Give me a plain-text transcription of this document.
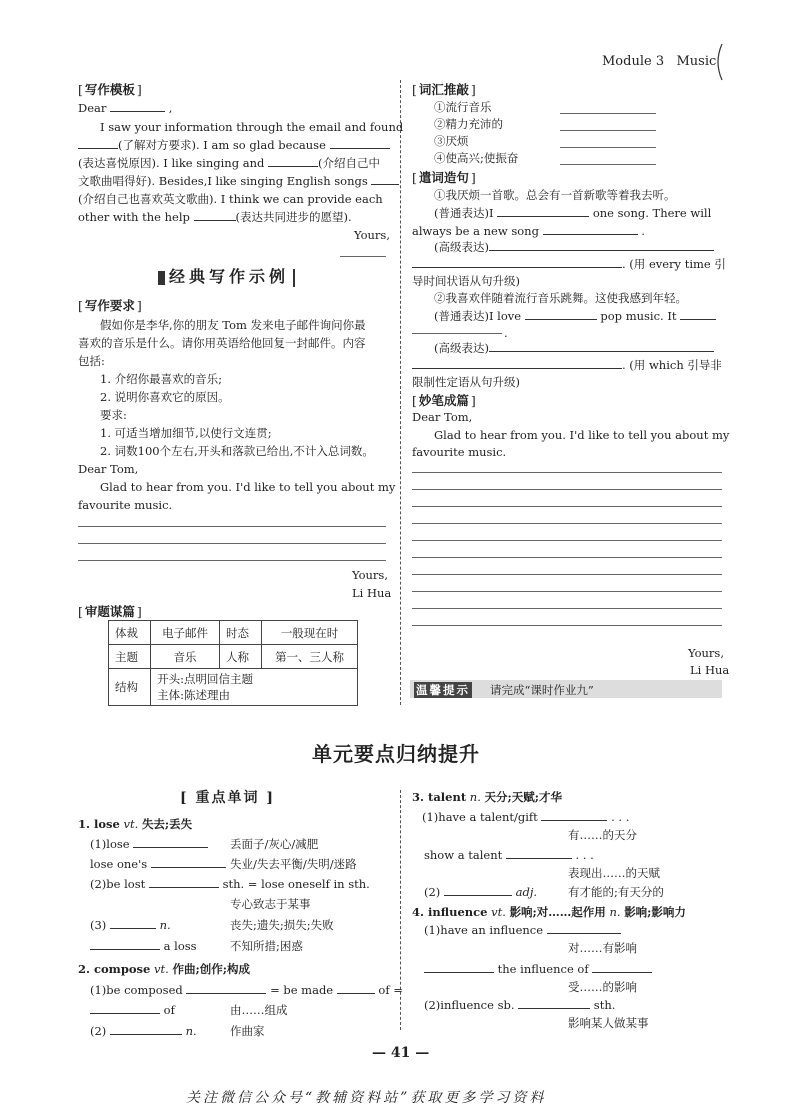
Module 3 Music
[ 写作模板 ]
Dear	,
I saw your information through the email and found
(了解对方要求). I am so glad because
(表达喜悦原因). I like singing and	(介绍自己中
文歌曲唱得好). Besides,I like singing English songs
(介绍自己也喜欢英文歌曲). I think we can provide each
other with the help	(表达共同进步的愿望).
Yours,
经典写作示例
[ 写作要求 ]
假如你是李华,你的朋友 Tom 发来电子邮件询问你最
喜欢的音乐是什么。请你用英语给他回复一封邮件。内容
包括:
1. 介绍你最喜欢的音乐;
2. 说明你喜欢它的原因。
要求:
1. 可适当增加细节,以使行文连贯;
2. 词数100个左右,开头和落款已给出,不计入总词数。
Dear Tom,
Glad to hear from you. I'd like to tell you about my
favourite music.
Yours,
Li Hua
[ 审题谋篇 ]
体裁	电子邮件	时态	一般现在时
主题	音乐	人称	第一、三人称
结构	开头:点明回信主题
主体:陈述理由		
[ 词汇推敲 ]
①流行音乐
②精力充沛的
③厌烦
④使高兴;使振奋
[ 遣词造句 ]
①我厌烦一首歌。总会有一首新歌等着我去听。
(普通表达)I	one song. There will
always be a new song	.
(高级表达)
. (用 every time 引
导时间状语从句升级)
②我喜欢伴随着流行音乐跳舞。这使我感到年轻。
(普通表达)I love	pop music. It
.
(高级表达)
. (用 which 引导非
限制性定语从句升级)
[ 妙笔成篇 ]
Dear Tom,
Glad to hear from you. I'd like to tell you about my
favourite music.
Yours,
Li Hua
温馨提示 请完成“课时作业九”
单元要点归纳提升
[ 重点单词 ]
1. lose vt. 失去;丢失
(1)lose	丢面子/灰心/减肥
lose one's	失业/失去平衡/失明/迷路
(2)be lost	sth. = lose oneself in sth.
专心致志于某事
(3)	n.	丧失;遗失;损失;失败
a loss	不知所措;困惑
2. compose vt. 作曲;创作;构成
(1)be composed	= be made	of =
of	由……组成
(2)	n.	作曲家
3. talent n. 天分;天赋;才华
(1)have a talent/gift	. . .
有……的天分
show a talent	. . .
表现出……的天赋
(2)	adj.	有才能的;有天分的
4. influence vt. 影响;对……起作用 n. 影响;影响力
(1)have an influence
对……有影响
the influence of
受……的影响
(2)influence sb.	sth.
影响某人做某事
— 41 —
关注微信公众号“教辅资料站”获取更多学习资料
